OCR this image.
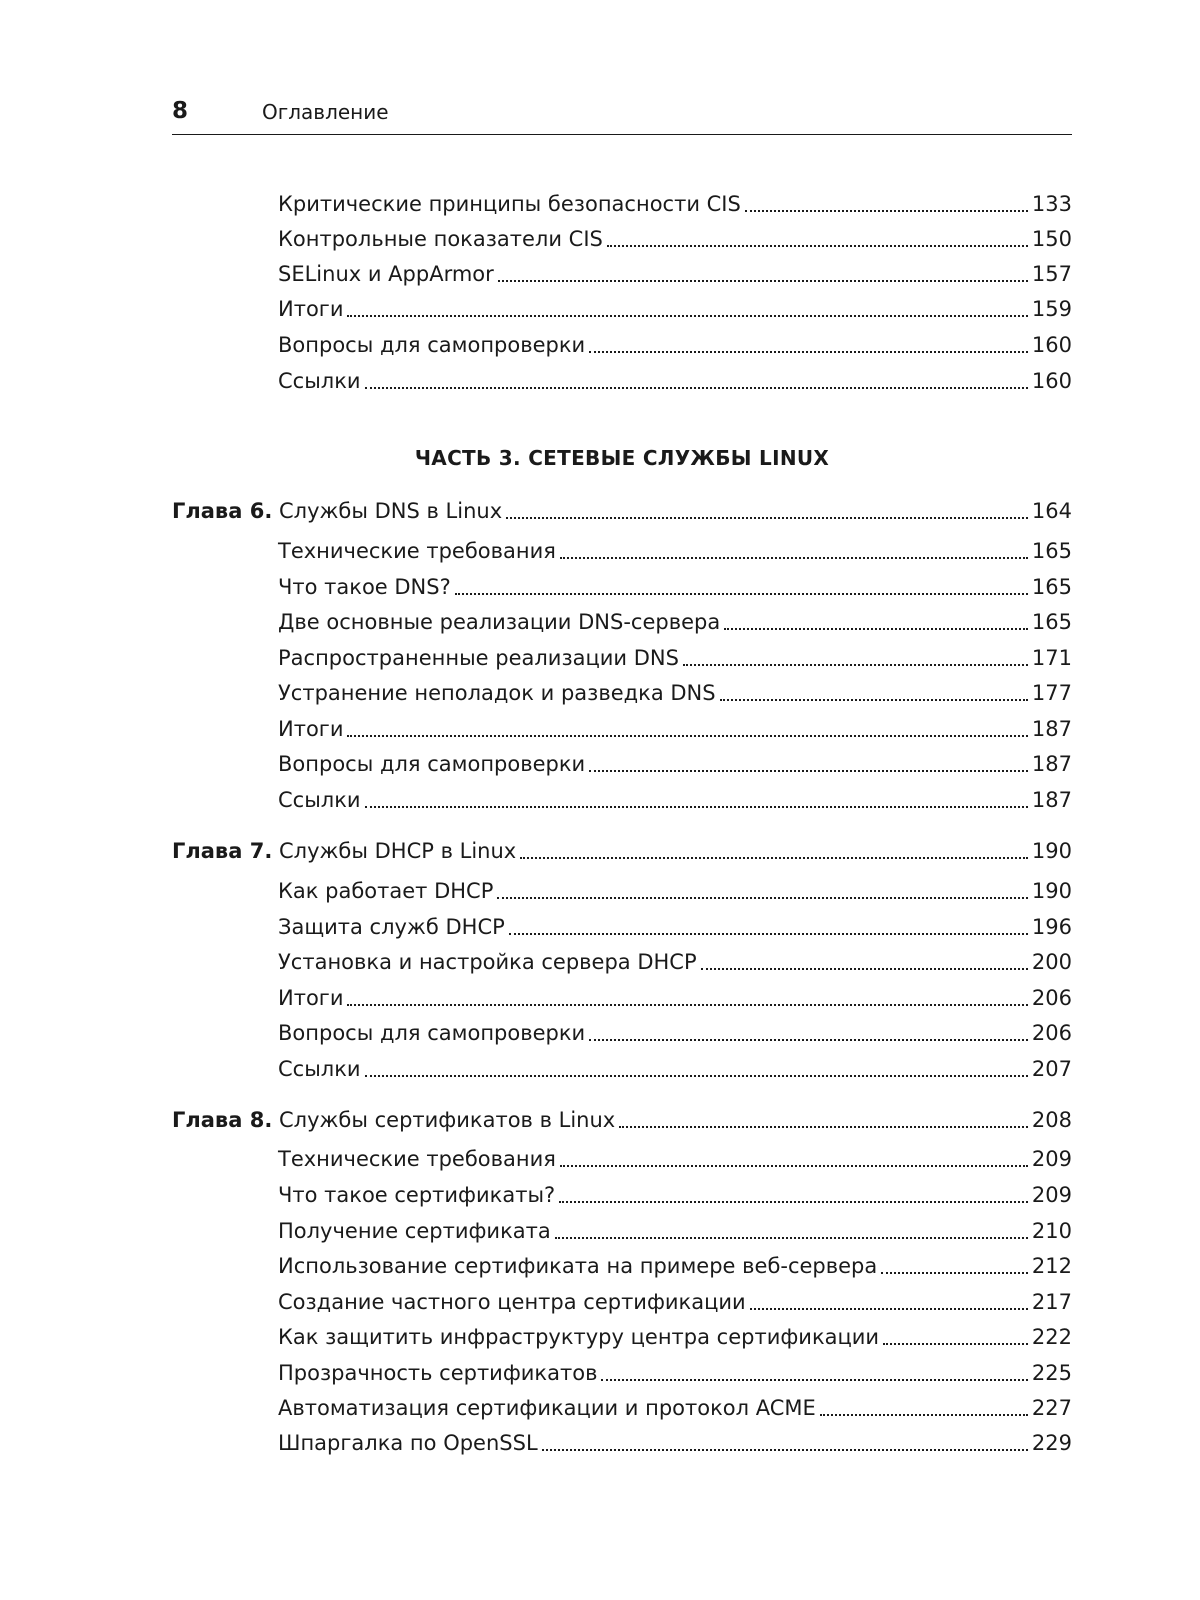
8	Оглавление
Критические принципы безопасности CIS	133
Контрольные показатели CIS	150
SELinux и AppArmor	157
Итоги	159
Вопросы для самопроверки	160
Ссылки	160
ЧАСТЬ 3. СЕТЕВЫЕ СЛУЖБЫ LINUX
Глава 6. Службы DNS в Linux	164
Технические требования	165
Что такое DNS?	165
Две основные реализации DNS-сервера	165
Распространенные реализации DNS	171
Устранение неполадок и разведка DNS	177
Итоги	187
Вопросы для самопроверки	187
Ссылки	187
Глава 7. Службы DHCP в Linux	190
Как работает DHCP	190
Защита служб DHCP	196
Установка и настройка сервера DHCP	200
Итоги	206
Вопросы для самопроверки	206
Ссылки	207
Глава 8. Службы сертификатов в Linux	208
Технические требования	209
Что такое сертификаты?	209
Получение сертификата	210
Использование сертификата на примере веб-сервера	212
Создание частного центра сертификации	217
Как защитить инфраструктуру центра сертификации	222
Прозрачность сертификатов	225
Автоматизация сертификации и протокол ACME	227
Шпаргалка по OpenSSL	229
